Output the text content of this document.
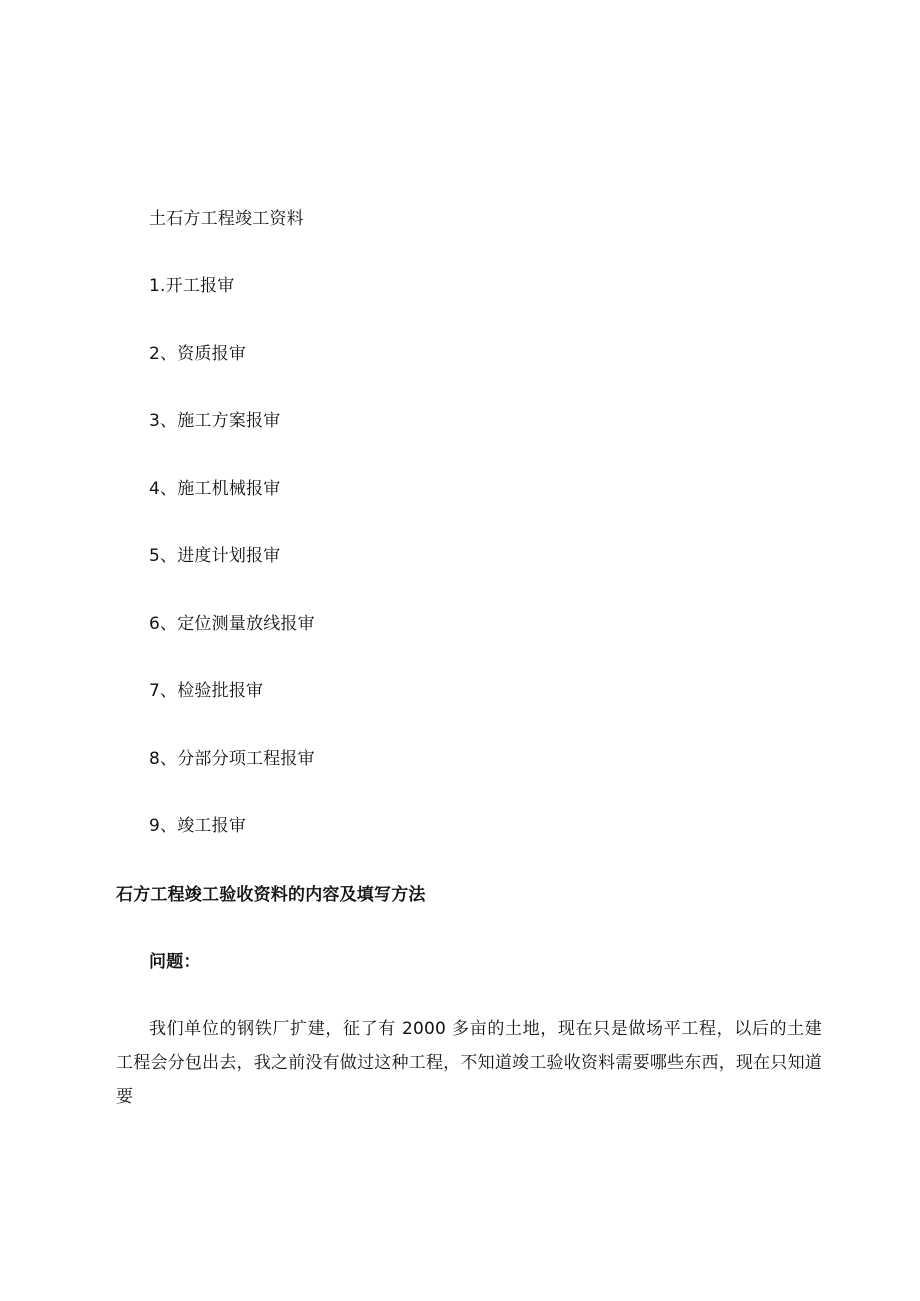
土石方工程竣工资料
1.开工报审
2、资质报审
3、施工方案报审
4、施工机械报审
5、进度计划报审
6、定位测量放线报审
7、检验批报审
8、分部分项工程报审
9、竣工报审
石方工程竣工验收资料的内容及填写方法
问题：
我们单位的钢铁厂扩建，征了有 2000 多亩的土地，现在只是做场平工程，以后的土建工程会分包出去，我之前没有做过这种工程，不知道竣工验收资料需要哪些东西，现在只知道要
